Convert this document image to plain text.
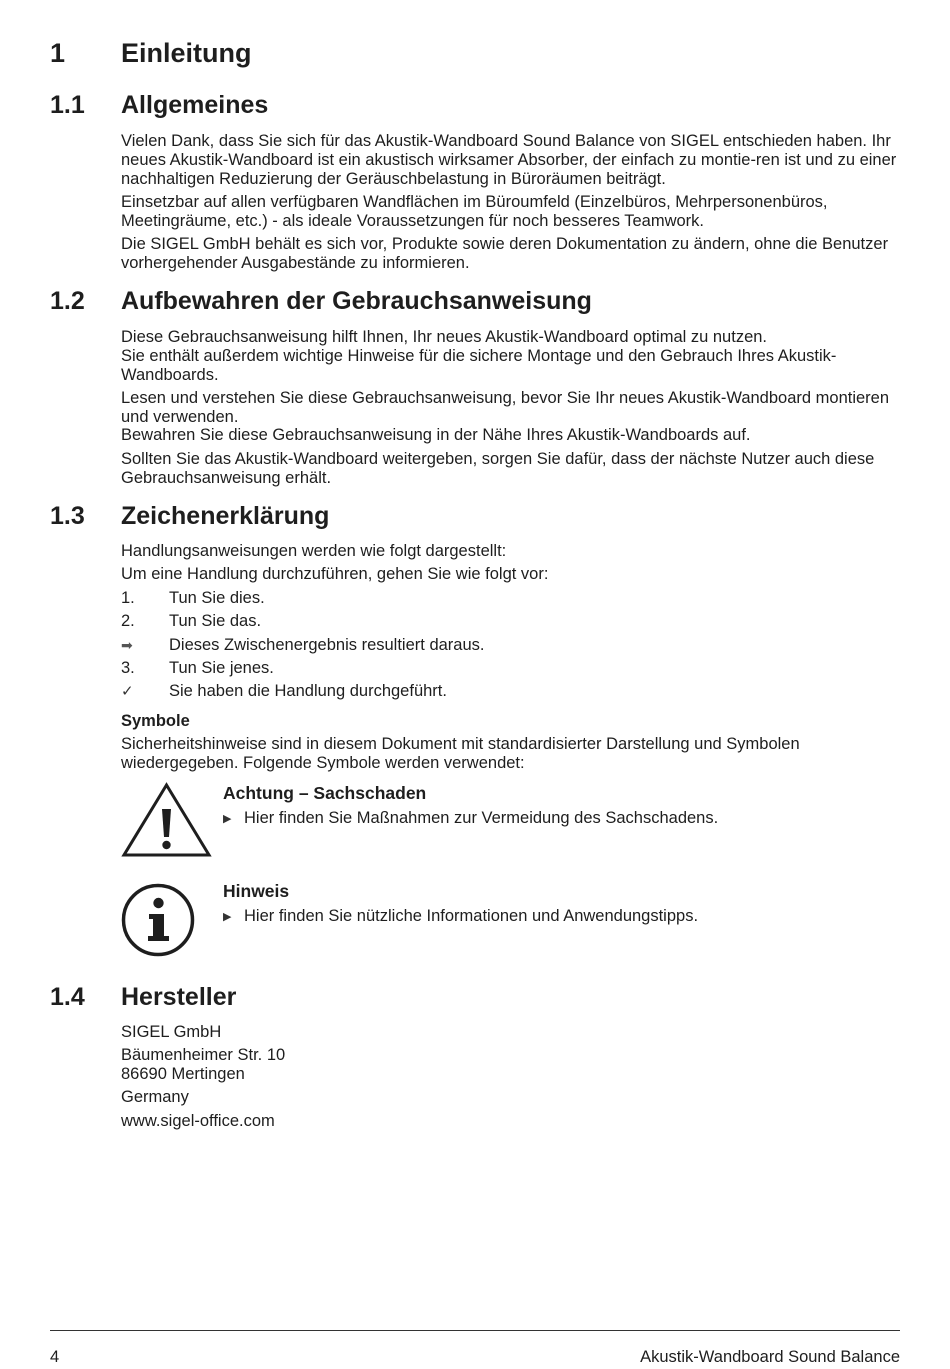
1 Einleitung
1.1 Allgemeines

Vielen Dank, dass Sie sich für das Akustik-Wandboard Sound Balance von SIGEL entschieden haben. Ihr neues Akustik-Wandboard ist ein akustisch wirksamer Absorber, der einfach zu montie-ren ist und zu einer nachhaltigen Reduzierung der Geräuschbelastung in Büroräumen beiträgt.

Einsetzbar auf allen verfügbaren Wandflächen im Büroumfeld (Einzelbüros, Mehrpersonenbüros, Meetingräume, etc.) - als ideale Voraussetzungen für noch besseres Teamwork.

Die SIGEL GmbH behält es sich vor, Produkte sowie deren Dokumentation zu ändern, ohne die Benutzer vorhergehender Ausgabestände zu informieren.

1.2 Aufbewahren der Gebrauchsanweisung

Diese Gebrauchsanweisung hilft Ihnen, Ihr neues Akustik-Wandboard optimal zu nutzen.

Sie enthält außerdem wichtige Hinweise für die sichere Montage und den Gebrauch Ihres Akustik-Wandboards.

Lesen und verstehen Sie diese Gebrauchsanweisung, bevor Sie Ihr neues Akustik-Wandboard montieren und verwenden.

Bewahren Sie diese Gebrauchsanweisung in der Nähe Ihres Akustik-Wandboards auf.

Sollten Sie das Akustik-Wandboard weitergeben, sorgen Sie dafür, dass der nächste Nutzer auch diese Gebrauchsanweisung erhält.

1.3 Zeichenerklärung
Handlungsanweisungen werden wie folgt dargestellt:
Um eine Handlung durchzuführen, gehen Sie wie folgt vor:
1.	Tun Sie dies.
2.	Tun Sie das.
➡	Dieses Zwischenergebnis resultiert daraus.
3.	Tun Sie jenes.
✓	Sie haben die Handlung durchgeführt.
Symbole

Sicherheitshinweise sind in diesem Dokument mit standardisierter Darstellung und Symbolen wiedergegeben. Folgende Symbole werden verwendet:

Achtung – Sachschaden
▶ Hier finden Sie Maßnahmen zur Vermeidung des Sachschadens.
Hinweis
▶ Hier finden Sie nützliche Informationen und Anwendungstipps.
1.4 Hersteller

SIGEL GmbH

Bäumenheimer Str. 10

86690 Mertingen

Germany

www.sigel-office.com

4	Akustik-Wandboard Sound Balance
